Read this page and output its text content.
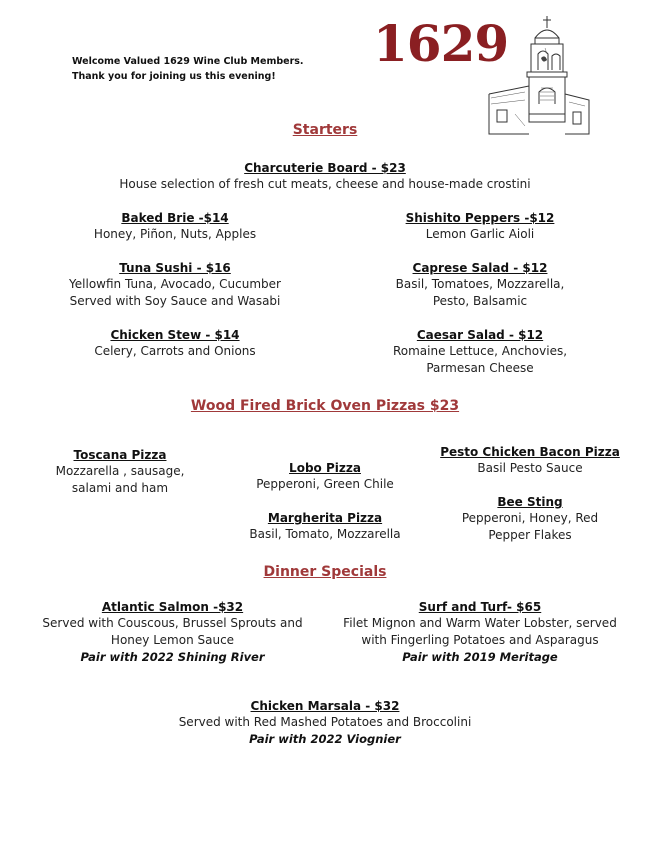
Welcome Valued 1629 Wine Club Members.
Thank you for joining us this evening!
1629
Starters
Charcuterie Board - $23
House selection of fresh cut meats, cheese and house-made crostini
Baked Brie -$14
Honey, Piñon, Nuts, Apples
Shishito Peppers -$12
Lemon Garlic Aioli
Tuna Sushi - $16
Yellowfin Tuna, Avocado, Cucumber
Served with Soy Sauce and Wasabi
Caprese Salad - $12
Basil, Tomatoes, Mozzarella,
Pesto, Balsamic
Chicken Stew - $14
Celery, Carrots and Onions
Caesar Salad - $12
Romaine Lettuce, Anchovies,
Parmesan Cheese
Wood Fired Brick Oven Pizzas $23
Toscana Pizza
Mozzarella , sausage,
salami and ham
Lobo Pizza
Pepperoni, Green Chile
Margherita Pizza
Basil, Tomato, Mozzarella
Pesto Chicken Bacon Pizza
Basil Pesto Sauce
Bee Sting
Pepperoni, Honey, Red
Pepper Flakes
Dinner Specials
Atlantic Salmon -$32
Served with Couscous, Brussel Sprouts and
Honey Lemon Sauce
Pair with 2022 Shining River
Surf and Turf- $65
Filet Mignon and Warm Water Lobster, served
with Fingerling Potatoes and Asparagus
Pair with 2019 Meritage
Chicken Marsala - $32
Served with Red Mashed Potatoes and Broccolini
Pair with 2022 Viognier
